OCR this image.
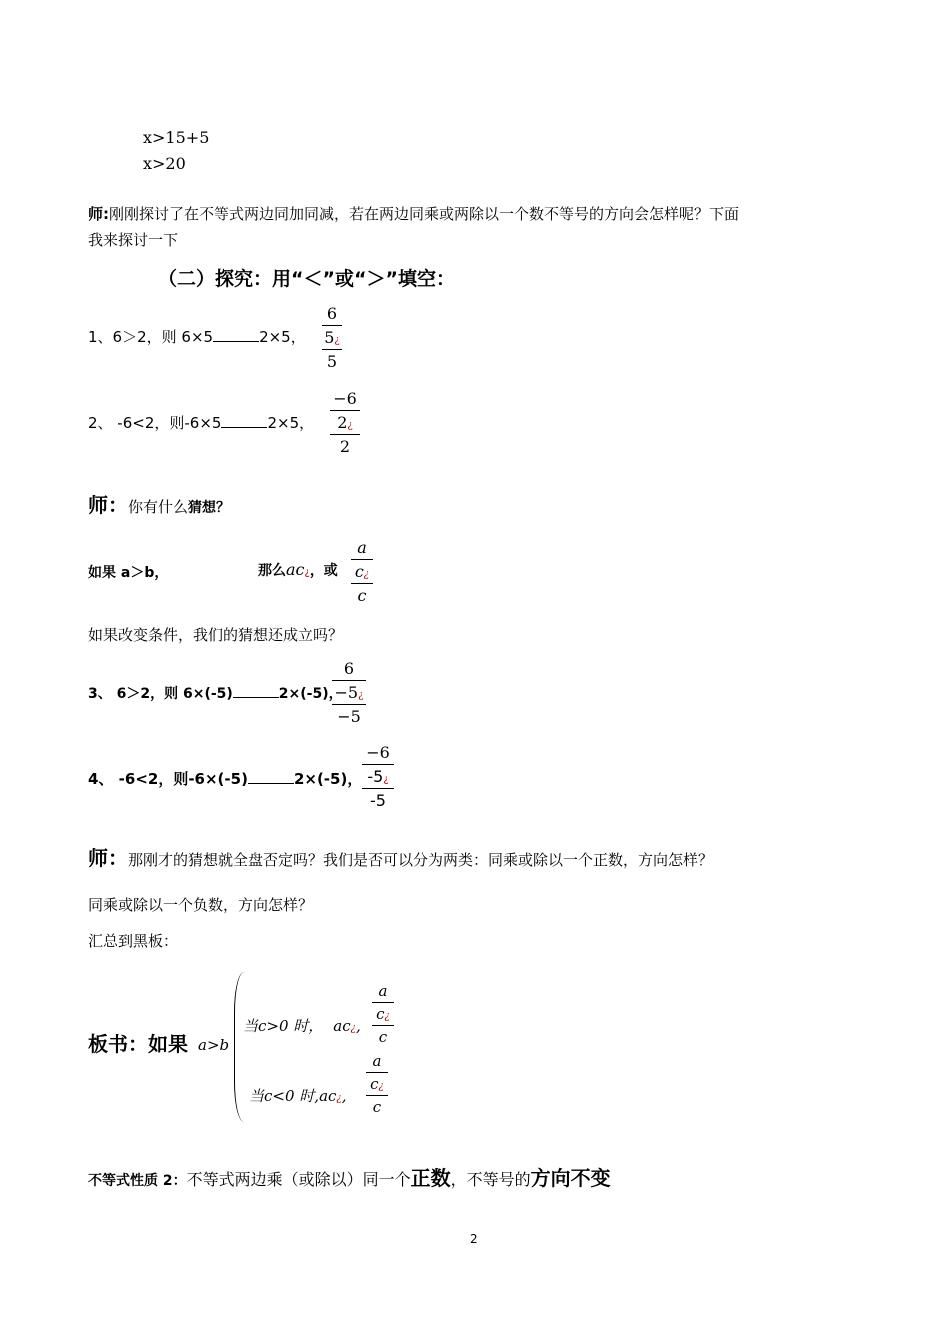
x>15+5
x>20
师:刚刚探讨了在不等式两边同加同减，若在两边同乘或两除以一个数不等号的方向会怎样呢？下面
我来探讨一下
（二）探究：用“＜”或“＞”填空：
1、6＞2，则 6×5	2×5，
6
5¿
5
2、 -6<2，则-6×5	2×5，
−6
2¿
2
师：你有什么猜想？
如果 a＞b，	那么ac¿，或
a
c¿
c
如果改变条件，我们的猜想还成立吗？
3、 6＞2，则 6×(-5)	2×(-5)，
6
−5¿
−5
4、 -6<2，则-6×(-5)	2×(-5)，
−6
-5¿
-5
师：那刚才的猜想就全盘否定吗？我们是否可以分为两类：同乘或除以一个正数，方向怎样？
同乘或除以一个负数，方向怎样？
汇总到黑板：
板书：如果 a>b
当c>0 时， ac¿,
a
c¿
c
当c<0 时,ac¿,
a
c¿
c
不等式性质 2：不等式两边乘（或除以）同一个正数，不等号的方向不变
2
